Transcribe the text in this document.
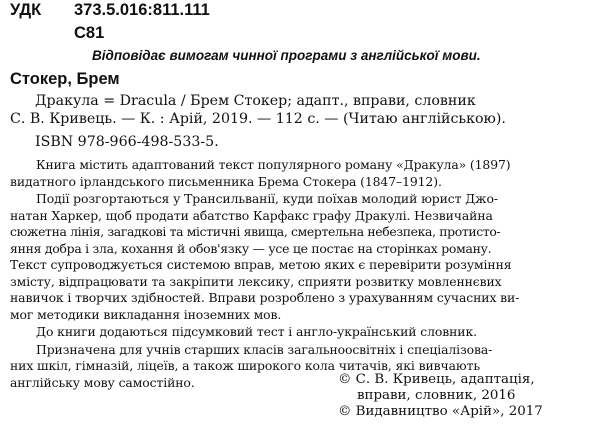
УДК 373.5.016:811.111
С81
Відповідає вимогам чинної програми з англійської мови.
Стокер, Брем
Дракула = Dracula / Брем Стокер; адапт., вправи, словник
С. В. Кривець. — К. : Арій, 2019. — 112 с. — (Читаю англійською).
ISBN 978-966-498-533-5.
Книга містить адаптований текст популярного роману «Дракула» (1897)
видатного ірландського письменника Брема Стокера (1847–1912).
Події розгортаються у Трансильванії, куди поїхав молодий юрист Джо-
натан Харкер, щоб продати абатство Карфакс графу Дракулі. Незвичайна
сюжетна лінія, загадкові та містичні явища, смертельна небезпека, протисто-
яння добра і зла, кохання й обов'язку — усе це постає на сторінках роману.
Текст супроводжується системою вправ, метою яких є перевірити розуміння
змісту, відпрацювати та закріпити лексику, сприяти розвитку мовленнєвих
навичок і творчих здібностей. Вправи розроблено з урахуванням сучасних ви-
мог методики викладання іноземних мов.
До книги додаються підсумковий тест і англо-український словник.
Призначена для учнів старших класів загальноосвітніх і спеціалізова-
них шкіл, гімназій, ліцеїв, а також широкого кола читачів, які вивчають
англійську мову самостійно.	© С. В. Кривець, адаптація,
вправи, словник, 2016
© Видавництво «Арій», 2017
